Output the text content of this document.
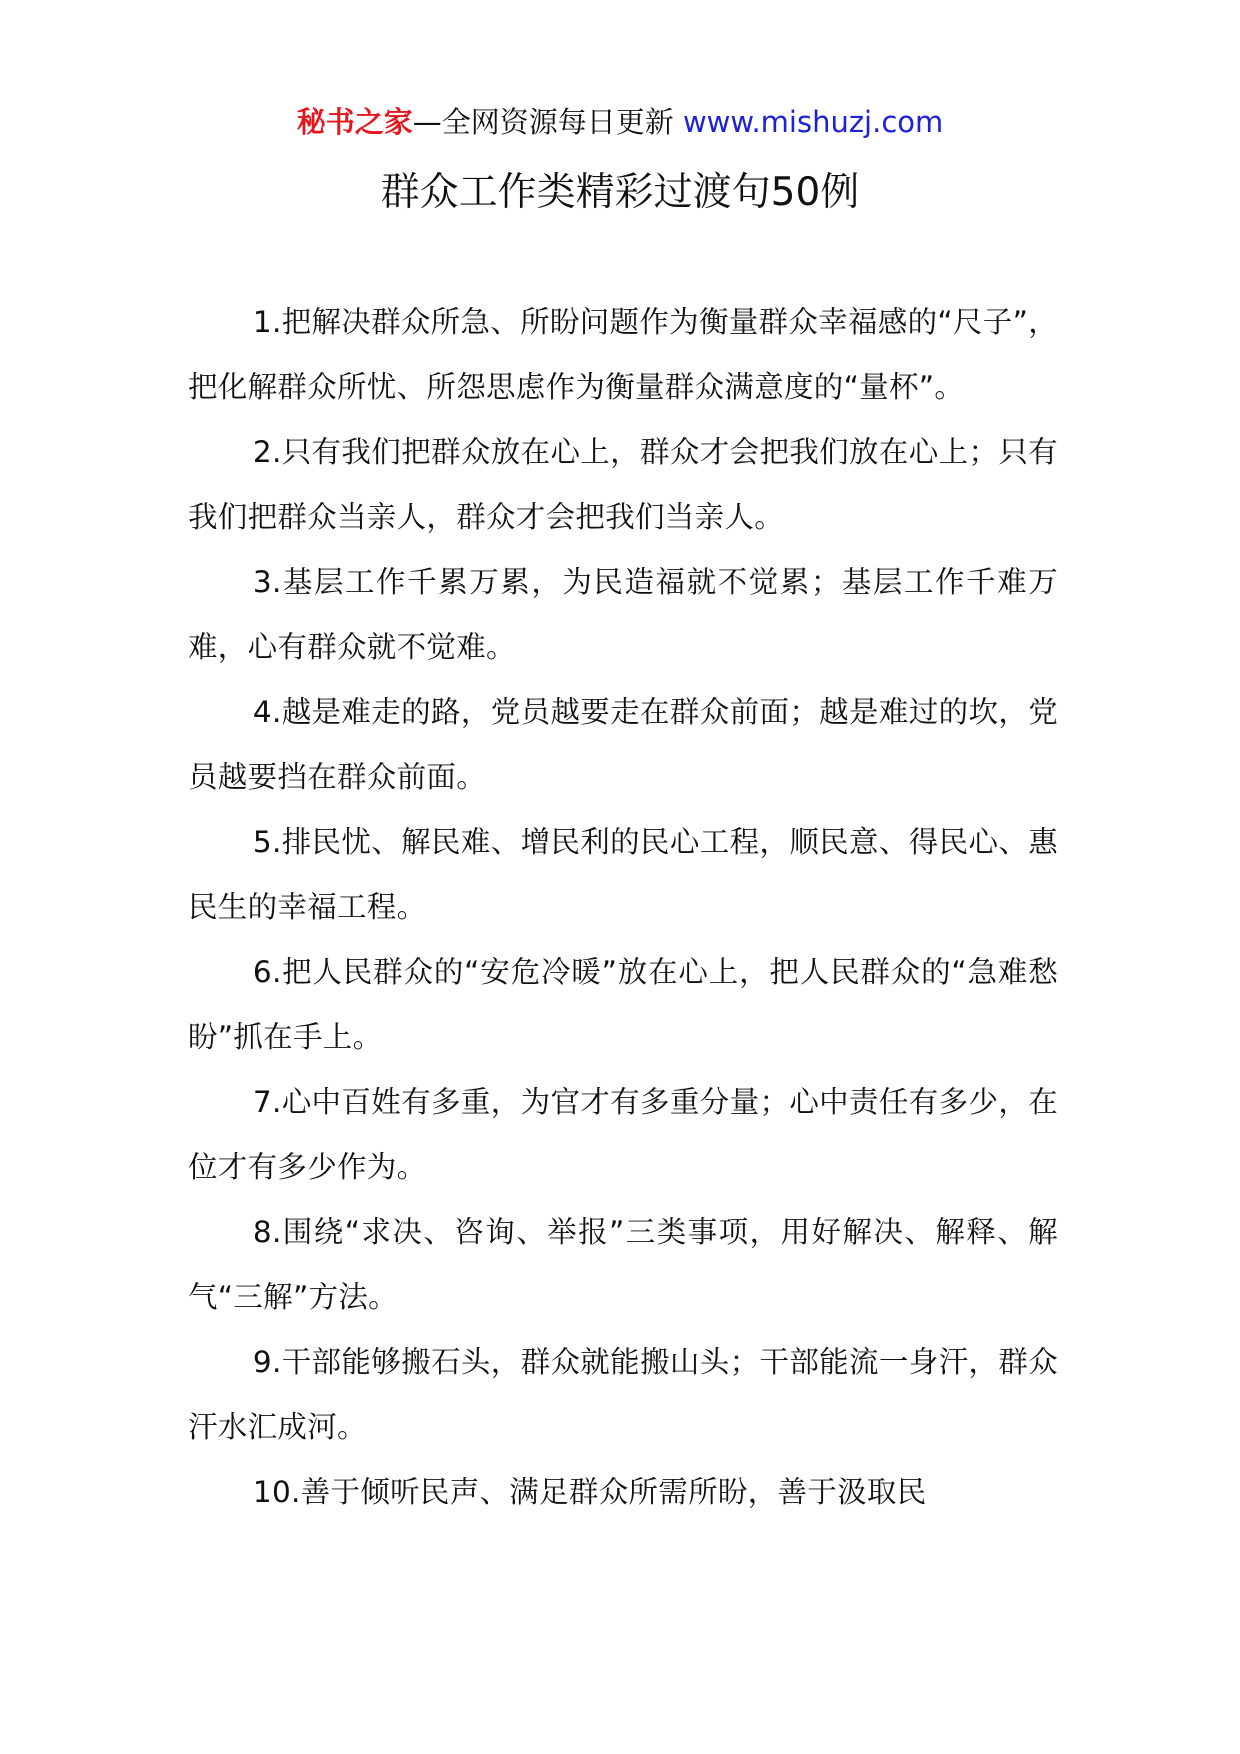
秘书之家—全网资源每日更新 www.mishuzj.com
群众工作类精彩过渡句50例

1.把解决群众所急、所盼问题作为衡量群众幸福感的“尺子”，把化解群众所忧、所怨思虑作为衡量群众满意度的“量杯”。

2.只有我们把群众放在心上，群众才会把我们放在心上；只有我们把群众当亲人，群众才会把我们当亲人。

3.基层工作千累万累，为民造福就不觉累；基层工作千难万难，心有群众就不觉难。

4.越是难走的路，党员越要走在群众前面；越是难过的坎，党员越要挡在群众前面。

5.排民忧、解民难、增民利的民心工程，顺民意、得民心、惠民生的幸福工程。

6.把人民群众的“安危冷暖”放在心上，把人民群众的“急难愁盼”抓在手上。

7.心中百姓有多重，为官才有多重分量；心中责任有多少，在位才有多少作为。

8.围绕“求决、咨询、举报”三类事项，用好解决、解释、解气“三解”方法。

9.干部能够搬石头，群众就能搬山头；干部能流一身汗，群众汗水汇成河。

10.善于倾听民声、满足群众所需所盼，善于汲取民
